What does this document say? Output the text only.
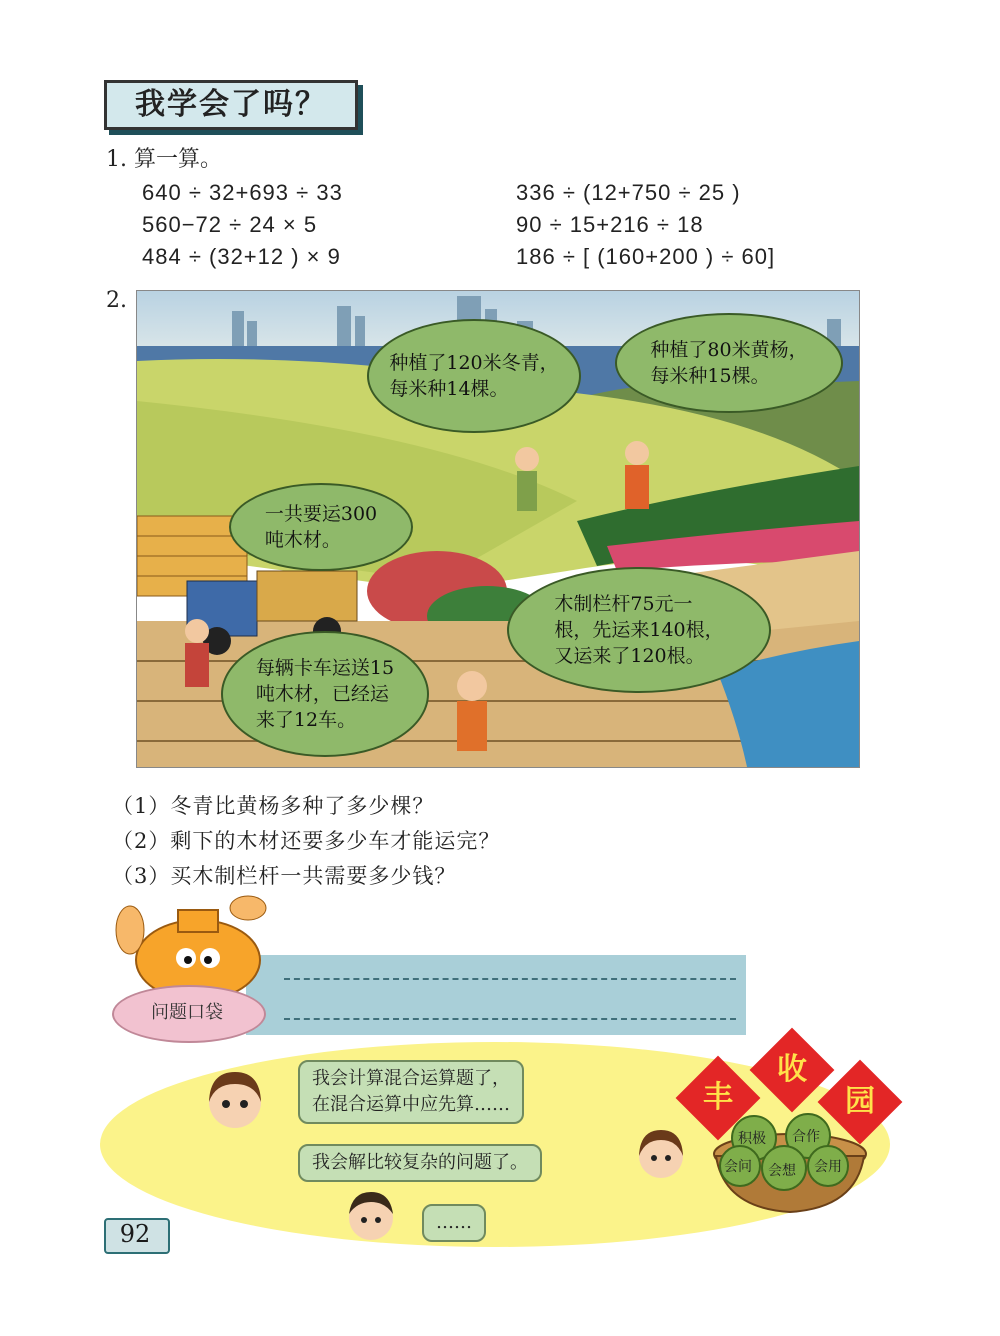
我学会了吗？
1. 算一算。
640 ÷ 32+693 ÷ 33
560−72 ÷ 24 × 5
484 ÷ (32+12 ) × 9
336 ÷ (12+750 ÷ 25 )
90 ÷ 15+216 ÷ 18
186 ÷ [ (160+200 ) ÷ 60]
2.
种植了120米冬青，
每米种14棵。
种植了80米黄杨，
每米种15棵。
一共要运300
吨木材。
木制栏杆75元一
根，先运来140根，
又运来了120根。
每辆卡车运送15
吨木材，已经运
来了12车。
（1）冬青比黄杨多种了多少棵？
（2）剩下的木材还要多少车才能运完？
（3）买木制栏杆一共需要多少钱？
问题口袋
我会计算混合运算题了，
在混合运算中应先算……
我会解比较复杂的问题了。
……
积极 合作
会问 会想 会用
丰
收
园
92
